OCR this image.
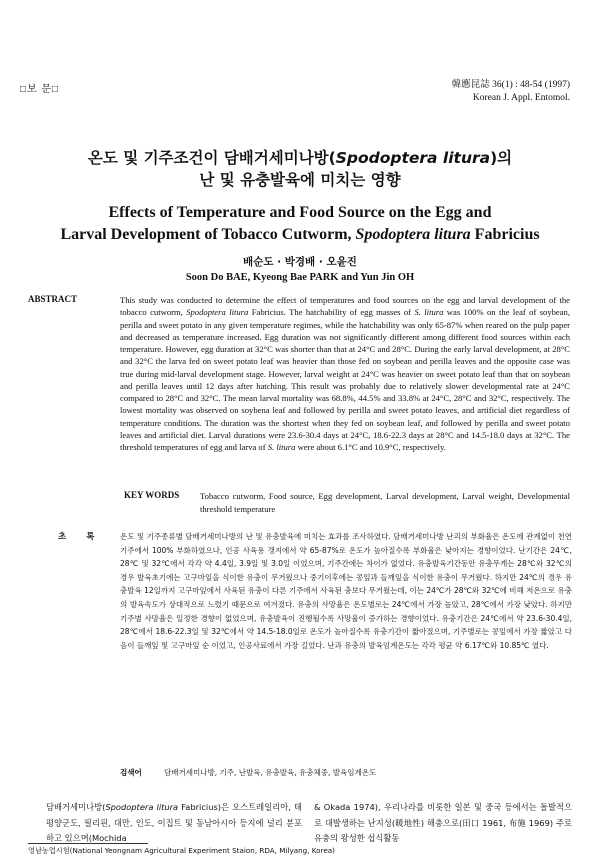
□보 문□	韓應昆誌 36(1) : 48-54 (1997)
Korean J. Appl. Entomol.
온도 및 기주조건이 담배거세미나방(Spodoptera litura)의
난 및 유충발육에 미치는 영향
Effects of Temperature and Food Source on the Egg and
Larval Development of Tobacco Cutworm, Spodoptera litura Fabricius
배순도 · 박경배 · 오윤진
Soon Do BAE, Kyeong Bae PARK and Yun Jin OH
ABSTRACT	This study was conducted to determine the effect of temperatures and food sources on the egg and larval development of the tobacco cutworm, Spodoptera litura Fabricius. The hatchability of egg masses of S. litura was 100% on the leaf of soybean, perilla and sweet potato in any given temperature regimes, while the hatchability was only 65-87% when reared on the pulp paper and decreased as temperature increased. Egg duration was not significantly different among different food sources within each temperature. However, egg duration at 32°C was shorter than that at 24°C and 28°C. During the early larval development, at 28°C and 32°C the larva fed on sweet potato leaf was heavier than those fed on soybean and perilla leaves and the opposite case was true during mid-larval development stage. However, larval weight at 24°C was heavier on sweet potato leaf than that on soybean and perilla leaves until 12 days after hatching. This result was probably due to relatively slower developmental rate at 24°C compared to 28°C and 32°C. The mean larval mortality was 68.8%, 44.5% and 33.8% at 24°C, 28°C and 32°C, respectively. The lowest mortality was observed on soybena leaf and followed by perilla and sweet potato leaves, and artificial diet regardless of temperature conditions. The duration was the shortest when they fed on soybean leaf, and followed by perilla and sweet potato leaves and artificial diet. Larval durations were 23.6-30.4 days at 24°C, 18.6-22.3 days at 28°C and 14.5-18.0 days at 32°C. The threshold temperatures of egg and larva of S. litura were about 6.1°C and 10.9°C, respectively.
KEY WORDS Tobacco cutworm, Food source, Egg development, Larval development, Larval weight, Developmental threshold temperature
초록 온도 및 기주종류별 담배거세미나방의 난 및 유충발육에 미치는 효과를 조사하였다. 담배거세미나방 난괴의 부화율은 온도에 관계없이 천연기주에서 100% 부화하였으나, 인공 사육용 갱지에서 약 65-87%로 온도가 높아질수록 부화율은 낮아지는 경향이었다. 난기간은 24℃, 28℃ 및 32℃에서 각각 약 4.4일, 3.9일 및 3.0일 이었으며, 기주간에는 차이가 없었다. 유충발육기간동안 유충무게는 28℃와 32℃의 경우 발육초기에는 고구마잎을 식이한 유충이 무거웠으나 중기이후에는 콩잎과 들깨잎을 식이한 유충이 무거웠다. 하지만 24℃의 경우 유충발육 12일까지 고구마잎에서 사육된 유충이 다른 기주에서 사육된 충보다 무거웠는데, 이는 24℃가 28℃와 32℃에 비해 저온으로 유충의 발육속도가 상대적으로 느렸기 때문으로 여겨졌다. 유충의 사망율은 온도별로는 24℃에서 가장 높았고, 28℃에서 가장 낮았다. 하지만 기주별 사망율은 일정한 경향이 없었으며, 유충발육이 진행될수록 사망율이 증가하는 경향이었다. 유충기간은 24℃에서 약 23.6-30.4일, 28℃에서 18.6-22.3일 및 32℃에서 약 14.5-18.0일로 온도가 높아질수록 유충기간이 짧아졌으며, 기주별로는 콩잎에서 가장 짧았고 다음이 들깨잎 및 고구마잎 순 이었고, 인공사료에서 가장 길었다. 난과 유충의 발육임계온도는 각각 평균 약 6.17℃와 10.85℃ 였다.
검색어	담배거세미나방, 기주, 난발육, 유충발육, 유충체중, 발육임계온도
담배거세미나방(Spodoptera litura Fabricius)은 오스트레일리아, 태평양군도, 필리핀, 대만, 인도, 이집트 및 동남아시아 등지에 널리 분포하고 있으며(Mochida
& Okada 1974), 우리나라를 비롯한 일본 및 중국 등에서는 돌발적으로 대발생하는 난지성(暖地性) 해충으로(田口 1961, 布施 1969) 주로 유충의 왕성한 섭식활동
영남농업시험(National Yeongnam Agricultural Experiment Staion, RDA, Milyang, Korea)
